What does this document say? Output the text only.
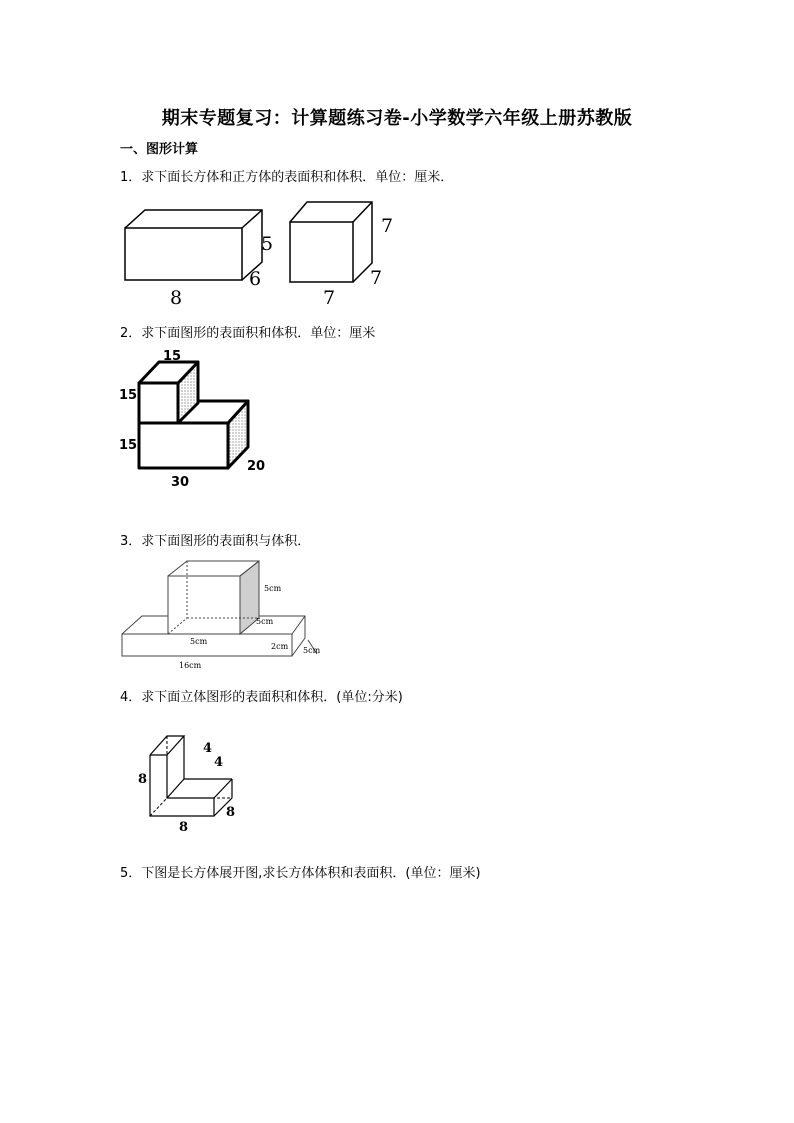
期末专题复习：计算题练习卷-小学数学六年级上册苏教版
一、图形计算
1．求下面长方体和正方体的表面积和体积．单位：厘米．
8
6
5
7
7
7
2．求下面图形的表面积和体积．单位：厘米
15
15
15
30
20
3．求下面图形的表面积与体积．
5cm
5cm
5cm
2cm 5cm
16cm
4．求下面立体图形的表面积和体积．(单位:分米)
4
4
8
8
8
5．下图是长方体展开图,求长方体体积和表面积．(单位：厘米)
